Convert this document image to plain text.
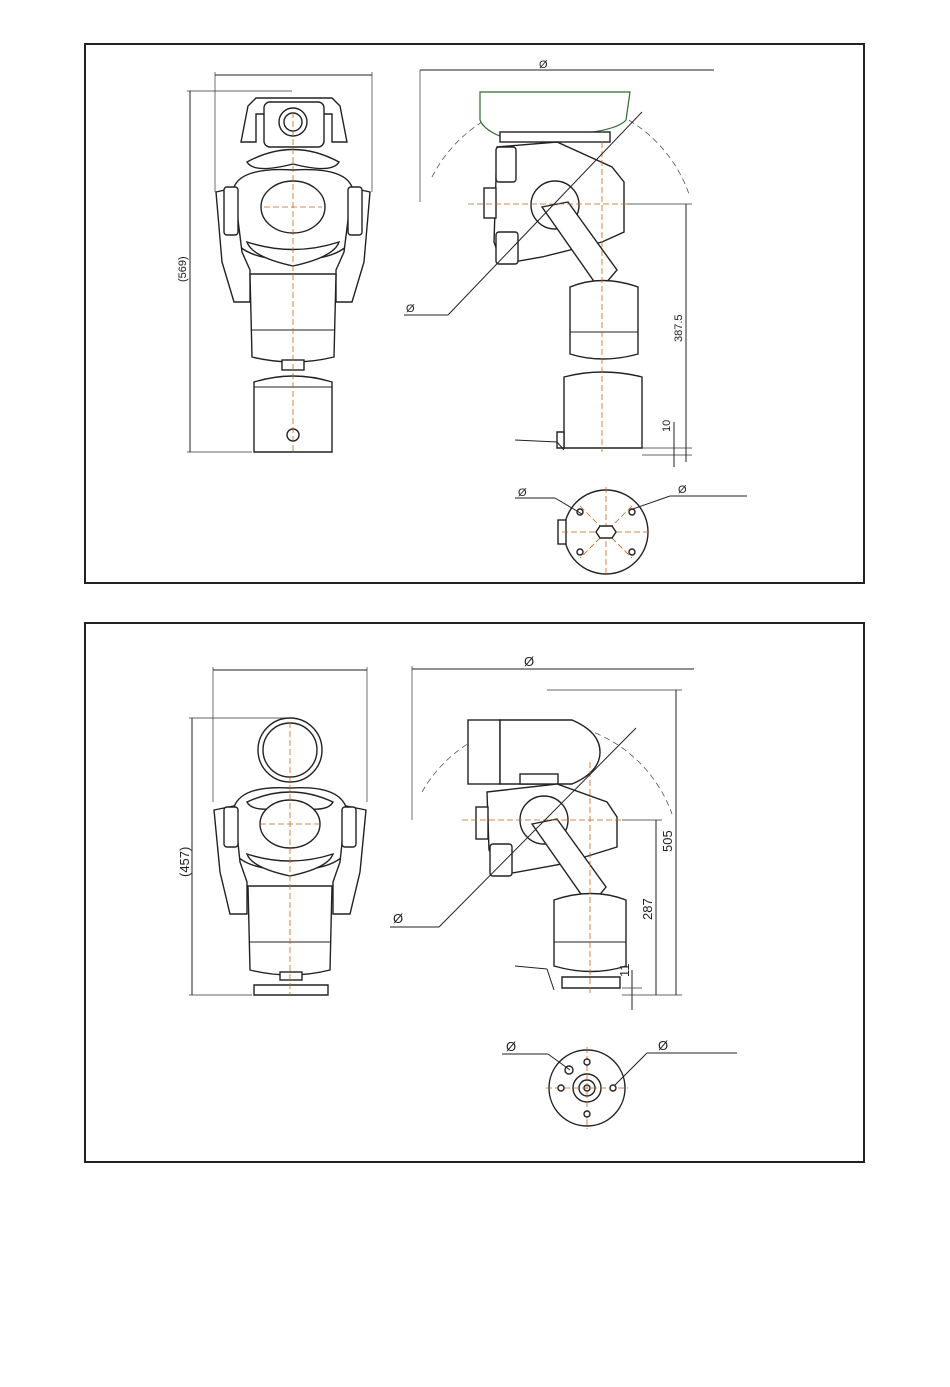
(569)
Ø
Ø
387.5
10
Ø	Ø
(457)
Ø
Ø
505
287
11
Ø	Ø
